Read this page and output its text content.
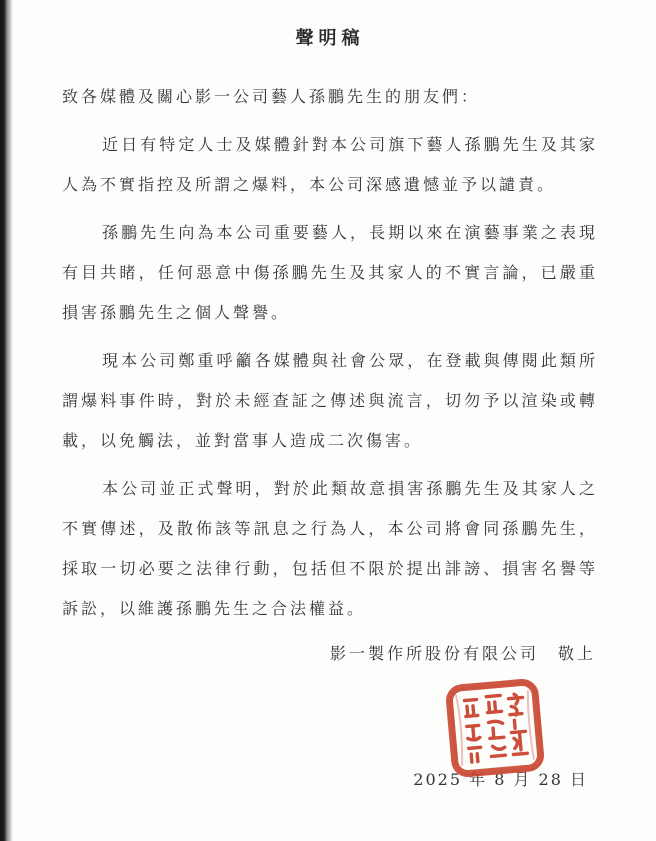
聲明稿

致各媒體及關心影一公司藝人孫鵬先生的朋友們：

近日有特定人士及媒體針對本公司旗下藝人孫鵬先生及其家人為不實指控及所謂之爆料，本公司深感遺憾並予以譴責。

孫鵬先生向為本公司重要藝人，長期以來在演藝事業之表現有目共睹，任何惡意中傷孫鵬先生及其家人的不實言論，已嚴重損害孫鵬先生之個人聲譽。

現本公司鄭重呼籲各媒體與社會公眾，在登載與傳閱此類所謂爆料事件時，對於未經查証之傳述與流言，切勿予以渲染或轉載，以免觸法，並對當事人造成二次傷害。

本公司並正式聲明，對於此類故意損害孫鵬先生及其家人之不實傳述，及散佈該等訊息之行為人，本公司將會同孫鵬先生，採取一切必要之法律行動，包括但不限於提出誹謗、損害名譽等訴訟，以維護孫鵬先生之合法權益。

影一製作所股份有限公司　敬上
2025 年 8 月 28 日
